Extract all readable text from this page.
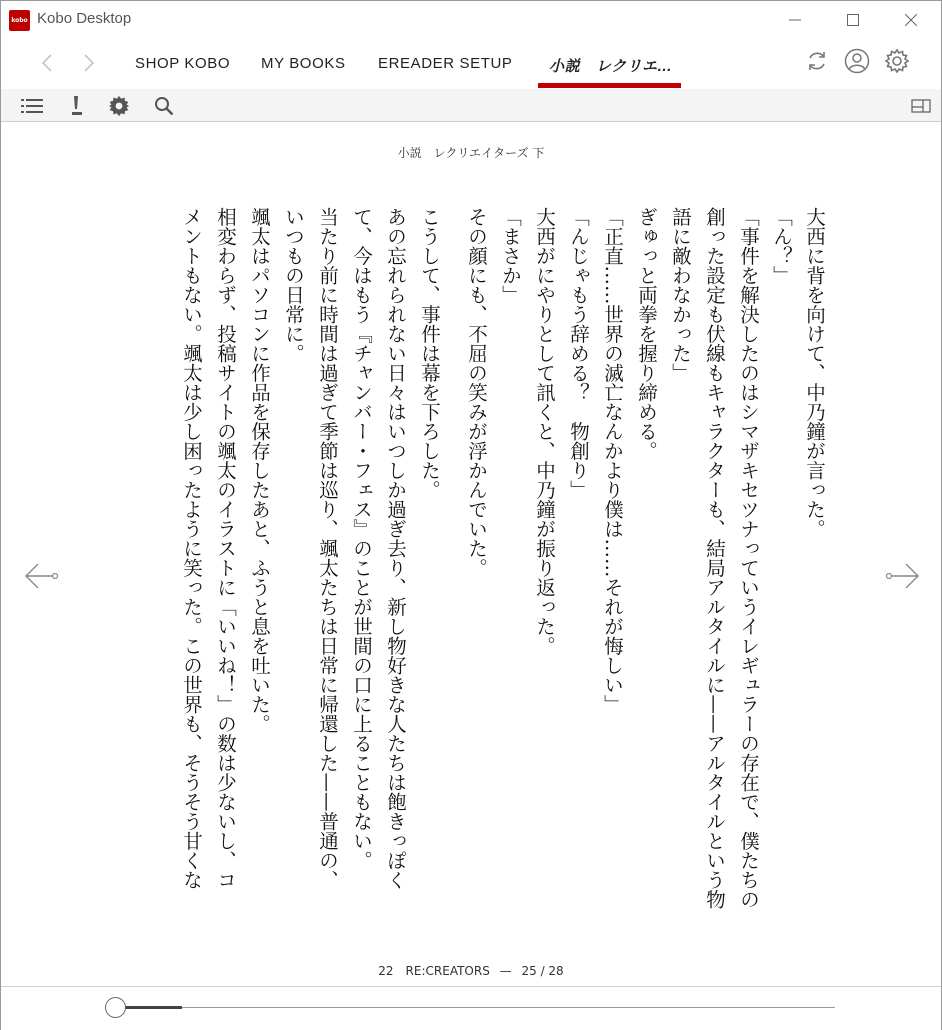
kobo Kobo Desktop
SHOP KOBO MY BOOKS EREADER SETUP 小説　レクリエ...
小説　レクリエイターズ 下
大西に背を向けて、中乃鐘が言った。
「ん？」
「事件を解決したのはシマザキセツナっていうイレギュラーの存在で、僕たちの
創った設定も伏線もキャラクターも、結局アルタイルに——アルタイルという物
語に敵わなかった」
ぎゅっと両拳を握り締める。
「正直……世界の滅亡なんかより僕は……それが悔しい」
「んじゃもう辞める？　物創り」
大西がにやりとして訊くと、中乃鐘が振り返った。
「まさか」
その顔にも、不屈の笑みが浮かんでいた。
こうして、事件は幕を下ろした。
あの忘れられない日々はいつしか過ぎ去り、新し物好きな人たちは飽きっぽく
て、今はもう『チャンバー・フェス』のことが世間の口に上ることもない。
当たり前に時間は過ぎて季節は巡り、颯太たちは日常に帰還した——普通の、
いつもの日常に。
颯太はパソコンに作品を保存したあと、ふうと息を吐いた。
相変わらず、投稿サイトの颯太のイラストに「いいね！」の数は少ないし、コ
メントもない。颯太は少し困ったように笑った。この世界も、そうそう甘くな
22　RE:CREATORS — 25 / 28
